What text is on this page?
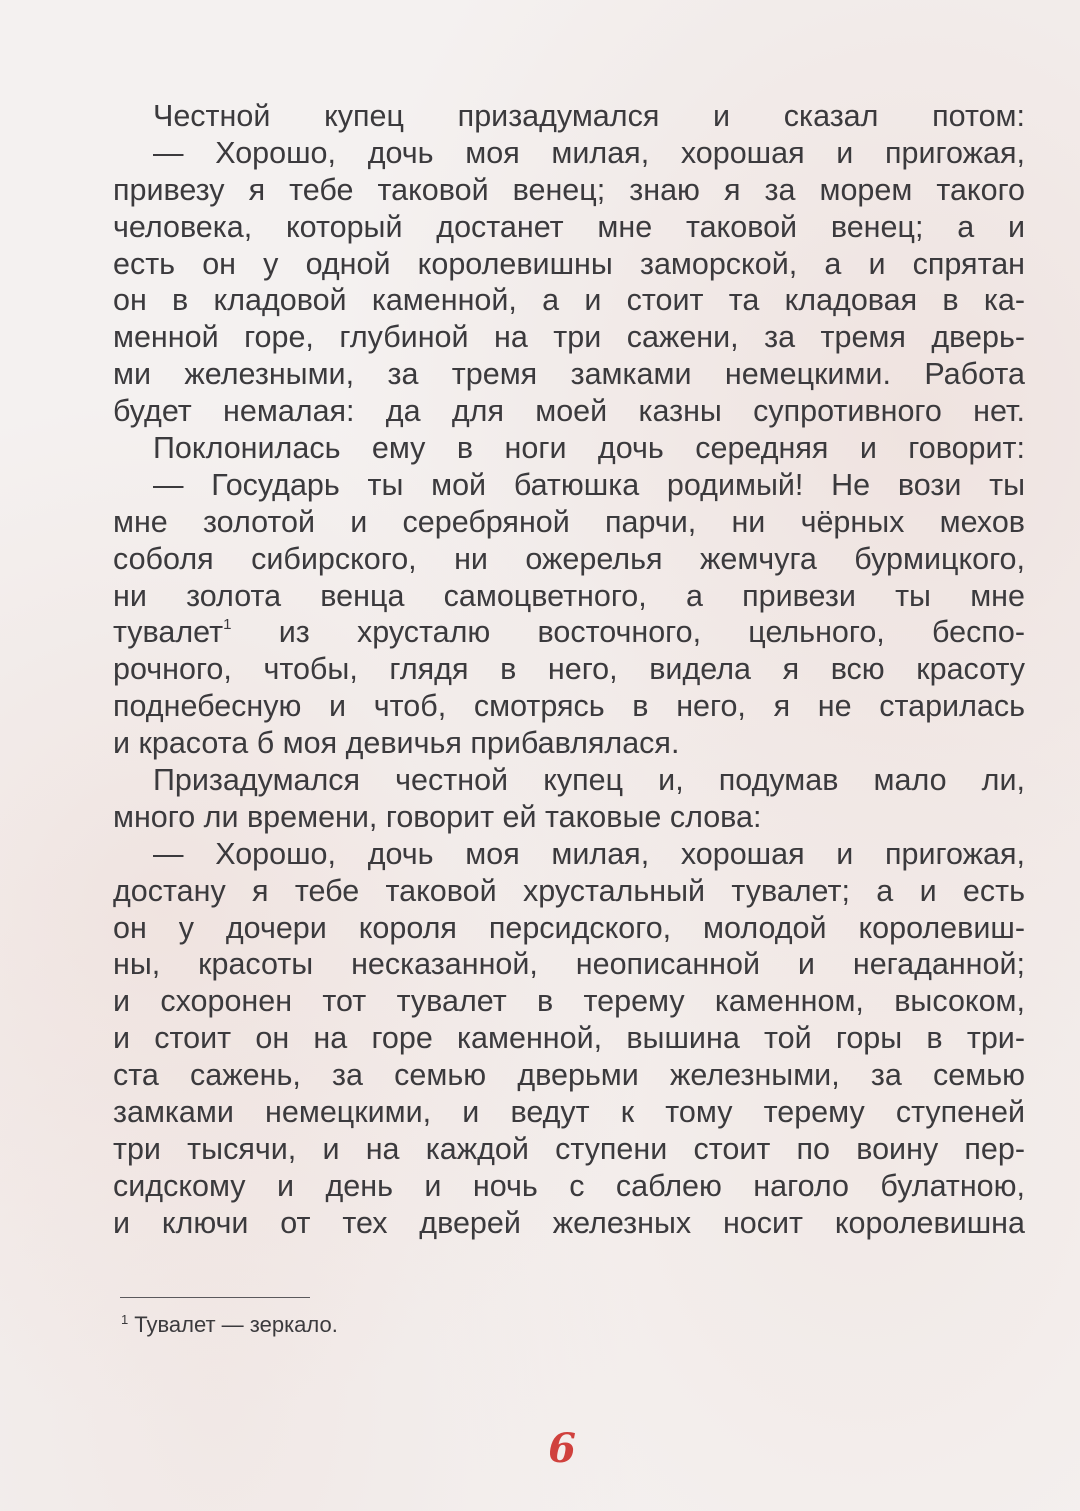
Честной купец призадумался и сказал потом:
— Хорошо, дочь моя милая, хорошая и пригожая,
привезу я тебе таковой венец; знаю я за морем такого
человека, который достанет мне таковой венец; а и
есть он у одной королевишны заморской, а и спрятан
он в кладовой каменной, а и стоит та кладовая в ка-
менной горе, глубиной на три сажени, за тремя дверь-
ми железными, за тремя замками немецкими. Работа
будет немалая: да для моей казны супротивного нет.
Поклонилась ему в ноги дочь середняя и говорит:
— Государь ты мой батюшка родимый! Не вози ты
мне золотой и серебряной парчи, ни чёрных мехов
соболя сибирского, ни ожерелья жемчуга бурмицкого,
ни золота венца самоцветного, а привези ты мне
тувалет$^1$ из хрусталю восточного, цельного, беспо-
рочного, чтобы, глядя в него, видела я всю красоту
поднебесную и чтоб, смотрясь в него, я не старилась
и красота б моя девичья прибавлялася.
Призадумался честной купец и, подумав мало ли,
много ли времени, говорит ей таковые слова:
— Хорошо, дочь моя милая, хорошая и пригожая,
достану я тебе таковой хрустальный тувалет; а и есть
он у дочери короля персидского, молодой королевиш-
ны, красоты несказанной, неописанной и негаданной;
и схоронен тот тувалет в терему каменном, высоком,
и стоит он на горе каменной, вышина той горы в три-
ста сажень, за семью дверьми железными, за семью
замками немецкими, и ведут к тому терему ступеней
три тысячи, и на каждой ступени стоит по воину пер-
сидскому и день и ночь с саблею наголо булатною,
и ключи от тех дверей железных носит королевишна
$^1$ Тувалет — зеркало.
6
